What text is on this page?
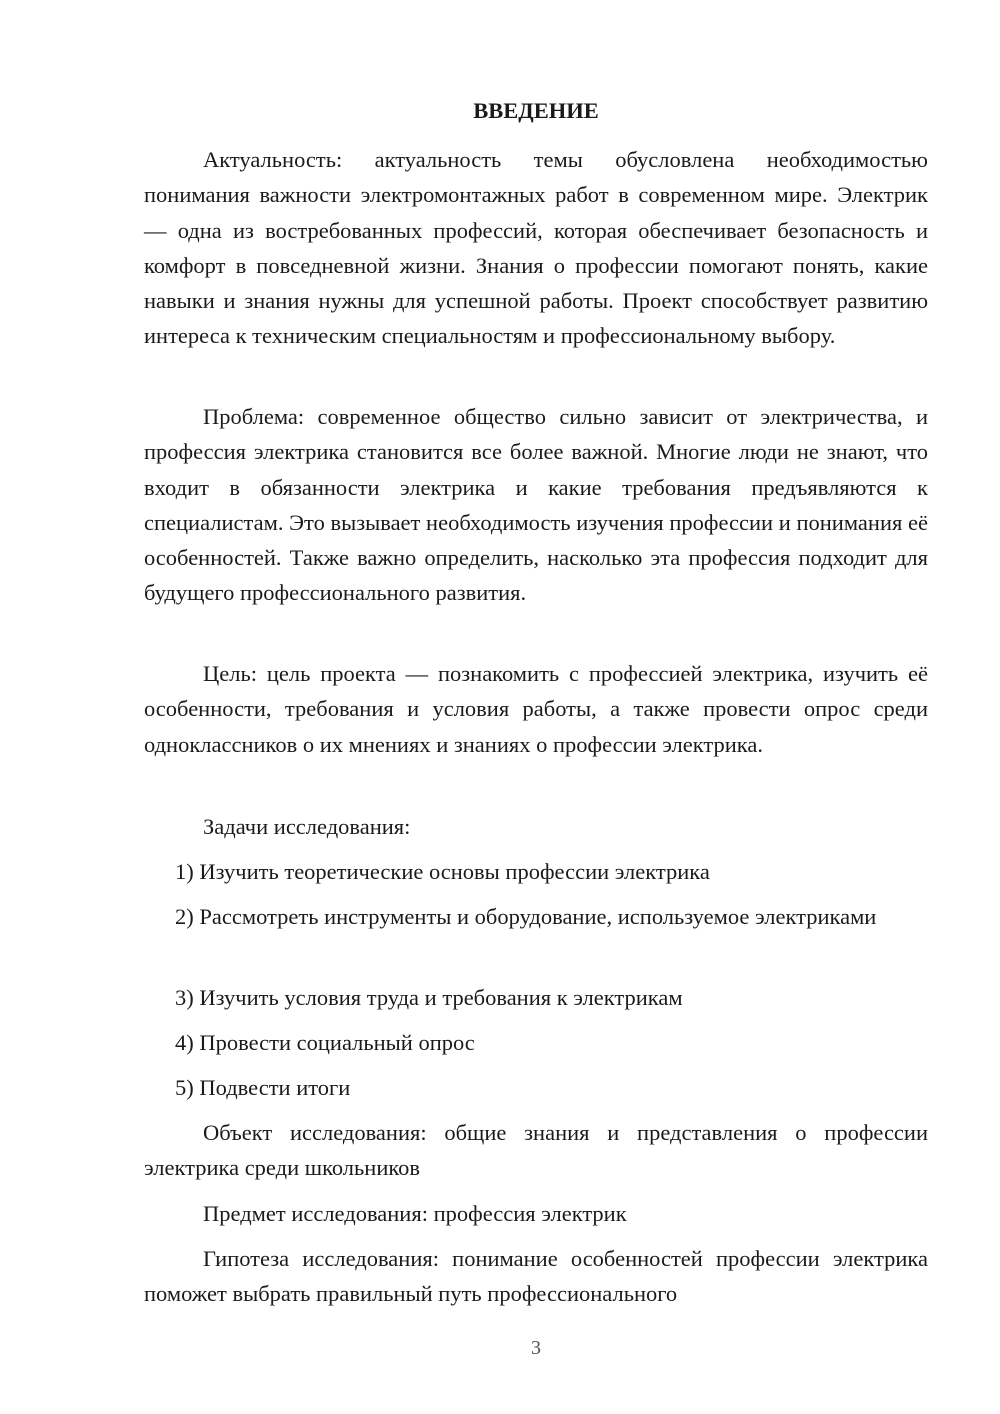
ВВЕДЕНИЕ

Актуальность: актуальность темы обусловлена необходимостью понимания важности электромонтажных работ в современном мире. Электрик — одна из востребованных профессий, которая обеспечивает безопасность и комфорт в повседневной жизни. Знания о профессии помогают понять, какие навыки и знания нужны для успешной работы. Проект способствует развитию интереса к техническим специальностям и профессиональному выбору.

Проблема: современное общество сильно зависит от электричества, и профессия электрика становится все более важной. Многие люди не знают, что входит в обязанности электрика и какие требования предъявляются к специалистам. Это вызывает необходимость изучения профессии и понимания её особенностей. Также важно определить, насколько эта профессия подходит для будущего профессионального развития.

Цель: цель проекта — познакомить с профессией электрика, изучить её особенности, требования и условия работы, а также провести опрос среди одноклассников о их мнениях и знаниях о профессии электрика.

Задачи исследования:

1) Изучить теоретические основы профессии электрика

2) Рассмотреть инструменты и оборудование, используемое электриками

3) Изучить условия труда и требования к электрикам

4) Провести социальный опрос

5) Подвести итоги

Объект исследования: общие знания и представления о профессии электрика среди школьников

Предмет исследования: профессия электрик

Гипотеза исследования: понимание особенностей профессии электрика поможет выбрать правильный путь профессионального

3
